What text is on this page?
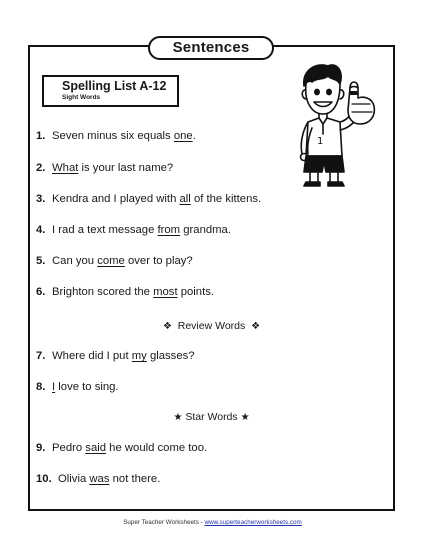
Sentences
Spelling List A-12
Sight Words
1
1. Seven minus six equals one.
2. What is your last name?
3. Kendra and I played with all of the kittens.
4. I rad a text message from grandma.
5. Can you come over to play?
6. Brighton scored the most points.
❖ Review Words ❖
7. Where did I put my glasses?
8. I love to sing.
★ Star Words ★
9. Pedro said he would come too.
10. Olivia was not there.
Super Teacher Worksheets - www.superteacherworksheets.com
